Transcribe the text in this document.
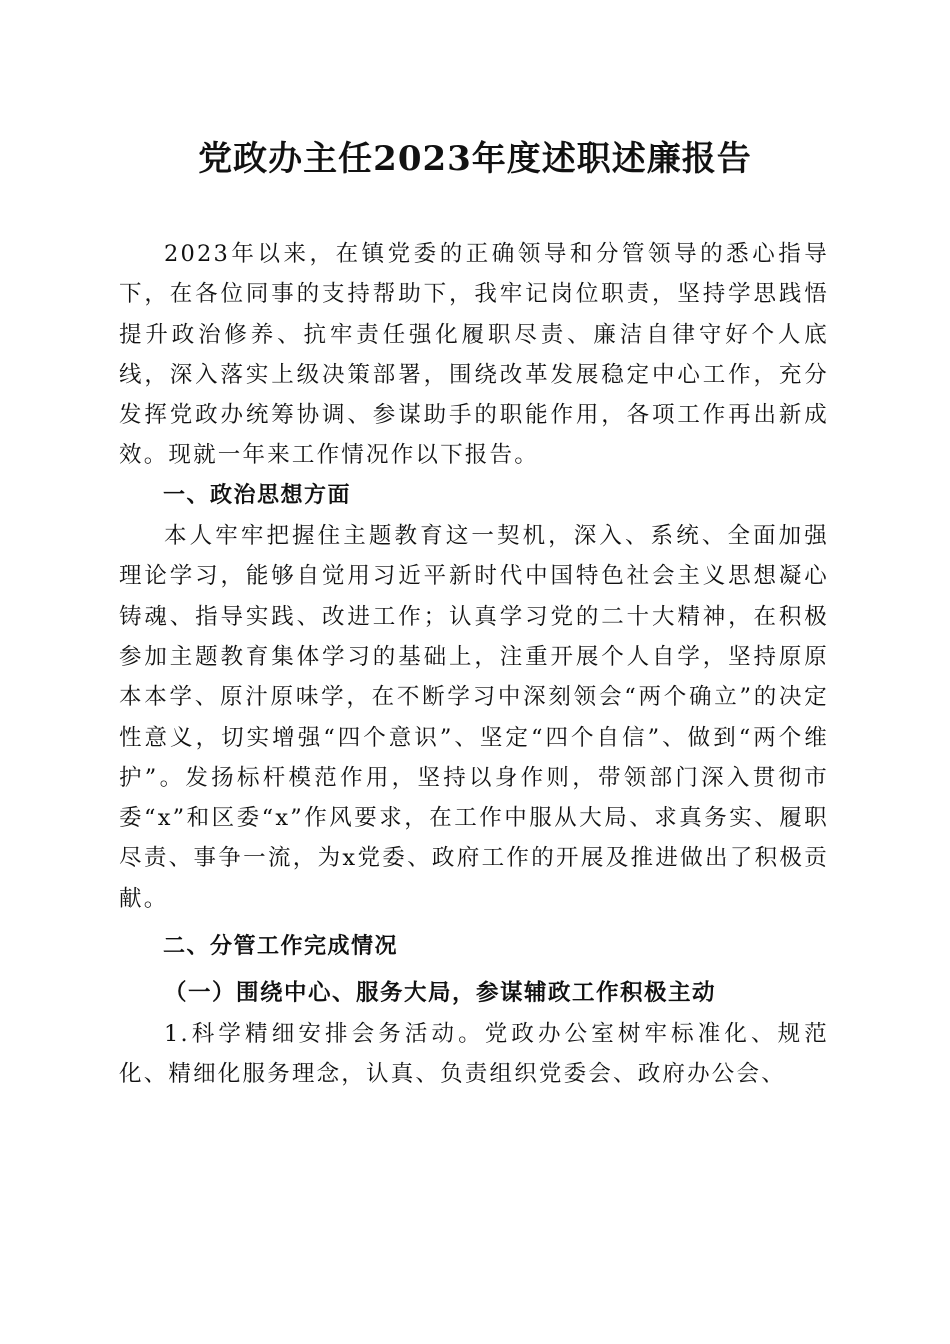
党政办主任2023年度述职述廉报告

2023年以来，在镇党委的正确领导和分管领导的悉心指导下，在各位同事的支持帮助下，我牢记岗位职责，坚持学思践悟提升政治修养、抗牢责任强化履职尽责、廉洁自律守好个人底线，深入落实上级决策部署，围绕改革发展稳定中心工作，充分发挥党政办统筹协调、参谋助手的职能作用，各项工作再出新成效。现就一年来工作情况作以下报告。

一、政治思想方面

本人牢牢把握住主题教育这一契机，深入、系统、全面加强理论学习，能够自觉用习近平新时代中国特色社会主义思想凝心铸魂、指导实践、改进工作；认真学习党的二十大精神，在积极参加主题教育集体学习的基础上，注重开展个人自学，坚持原原本本学、原汁原味学，在不断学习中深刻领会“两个确立”的决定性意义，切实增强“四个意识”、坚定“四个自信”、做到“两个维护”。发扬标杆模范作用，坚持以身作则，带领部门深入贯彻市委“x”和区委“x”作风要求，在工作中服从大局、求真务实、履职尽责、事争一流，为x党委、政府工作的开展及推进做出了积极贡献。

二、分管工作完成情况

（一）围绕中心、服务大局，参谋辅政工作积极主动

1.科学精细安排会务活动。党政办公室树牢标准化、规范化、精细化服务理念，认真、负责组织党委会、政府办公会、
